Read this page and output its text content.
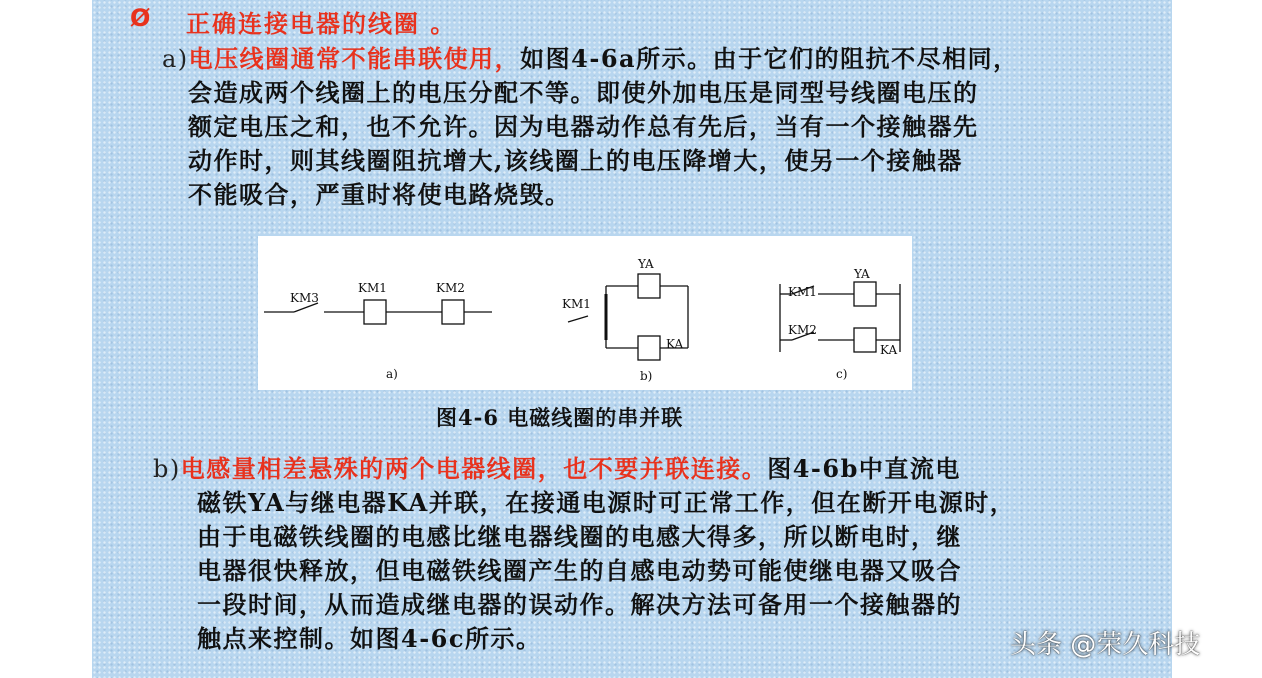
Ø 正确连接电器的线圈 。
a)电压线圈通常不能串联使用，如图4-6a所示。由于它们的阻抗不尽相同，
会造成两个线圈上的电压分配不等。即使外加电压是同型号线圈电压的
额定电压之和，也不允许。因为电器动作总有先后，当有一个接触器先
动作时，则其线圈阻抗增大,该线圈上的电压降增大，使另一个接触器
不能吸合，严重时将使电路烧毁。
KM3
KM1	KM2
a)
YA
KM1
KA
b)
KM1
YA
KM2
KA
c)
图4-6 电磁线圈的串并联
b)电感量相差悬殊的两个电器线圈，也不要并联连接。图4-6b中直流电
磁铁YA与继电器KA并联，在接通电源时可正常工作，但在断开电源时，
由于电磁铁线圈的电感比继电器线圈的电感大得多，所以断电时，继
电器很快释放，但电磁铁线圈产生的自感电动势可能使继电器又吸合
一段时间，从而造成继电器的误动作。解决方法可备用一个接触器的
触点来控制。如图4-6c所示。	头条 @荣久科技
